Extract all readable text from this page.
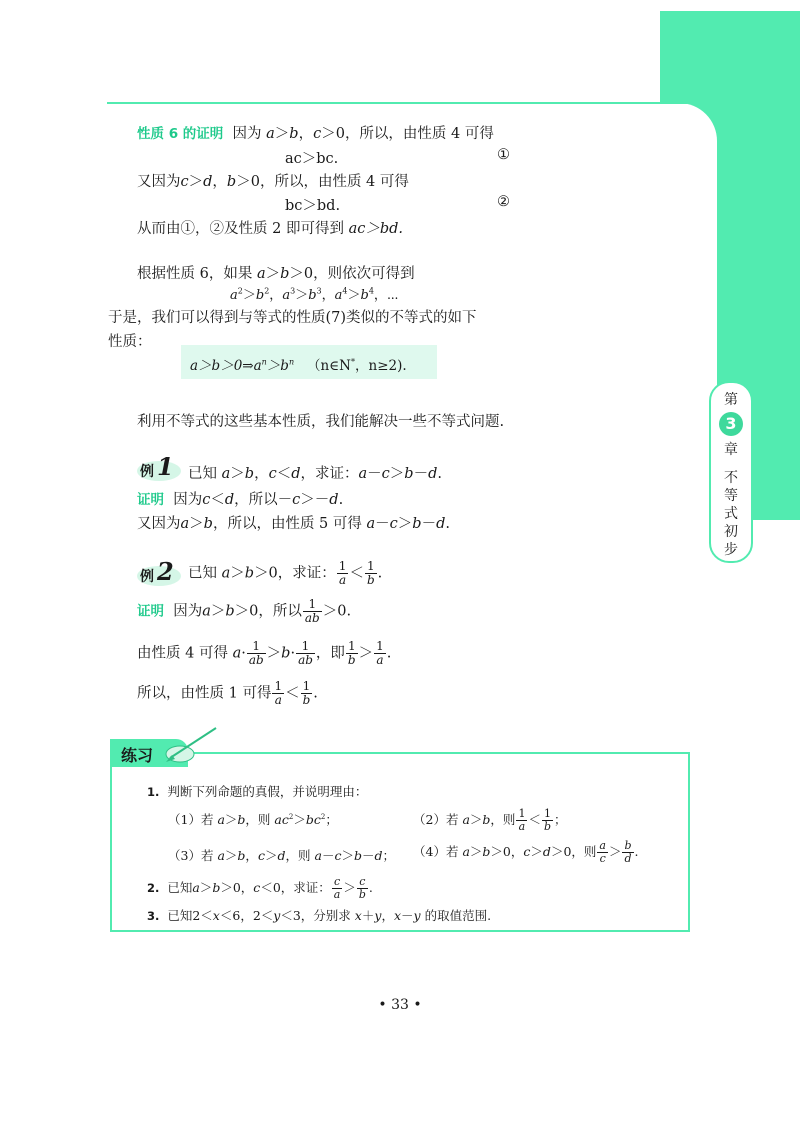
性质 6 的证明 因为 a＞b，c＞0，所以，由性质 4 可得
ac＞bc.	①
又因为c＞d，b＞0，所以，由性质 4 可得
bc＞bd.	②
从而由①，②及性质 2 即可得到 ac＞bd.
根据性质 6，如果 a＞b＞0，则依次可得到
$a^2>b^2$，$a^3>b^3$，$a^4>b^4$，⋯
于是，我们可以得到与等式的性质(7)类似的不等式的如下
性质：
$a>b>0\Rightarrow a^n>b^n$ （n∈N*，n≥2).
利用不等式的这些基本性质，我们能解决一些不等式问题.
例 1 已知 a＞b，c＜d，求证：a－c＞b－d.
证明 因为c＜d，所以－c＞－d.
又因为a＞b，所以，由性质 5 可得 a－c＞b－d.
例 2 已知 a＞b＞0，求证： $\frac{1}{a} < \frac{1}{b}$ .
证明 因为a＞b＞0，所以 $\frac{1}{ab} >0$.
由性质 4 可得 $a\cdot \frac{1}{ab} >b\cdot \frac{1}{ab}$ ，即 $\frac{1}{b} > \frac{1}{a}$ .
所以，由性质 1 可得 $\frac{1}{a} < \frac{1}{b}$ .
练习
1. 判断下列命题的真假，并说明理由：
（1）若 a＞b，则 $ac^2>bc^2$；	（2）若 a＞b，则 $\frac{1}{a} < \frac{1}{b}$ ；
（3）若 a＞b，c＞d，则 a－c＞b－d； （4）若 a＞b＞0，c＞d＞0，则 $\frac{a}{c} > \frac{b}{d}$ .
2. 已知a＞b＞0，c＜0，求证： $\frac{c}{a} > \frac{c}{b}$ .
3. 已知2＜x＜6，2＜y＜3，分别求 x＋y，x－y 的取值范围.
第
3
章
不
等
式
初
步
• 33 •
